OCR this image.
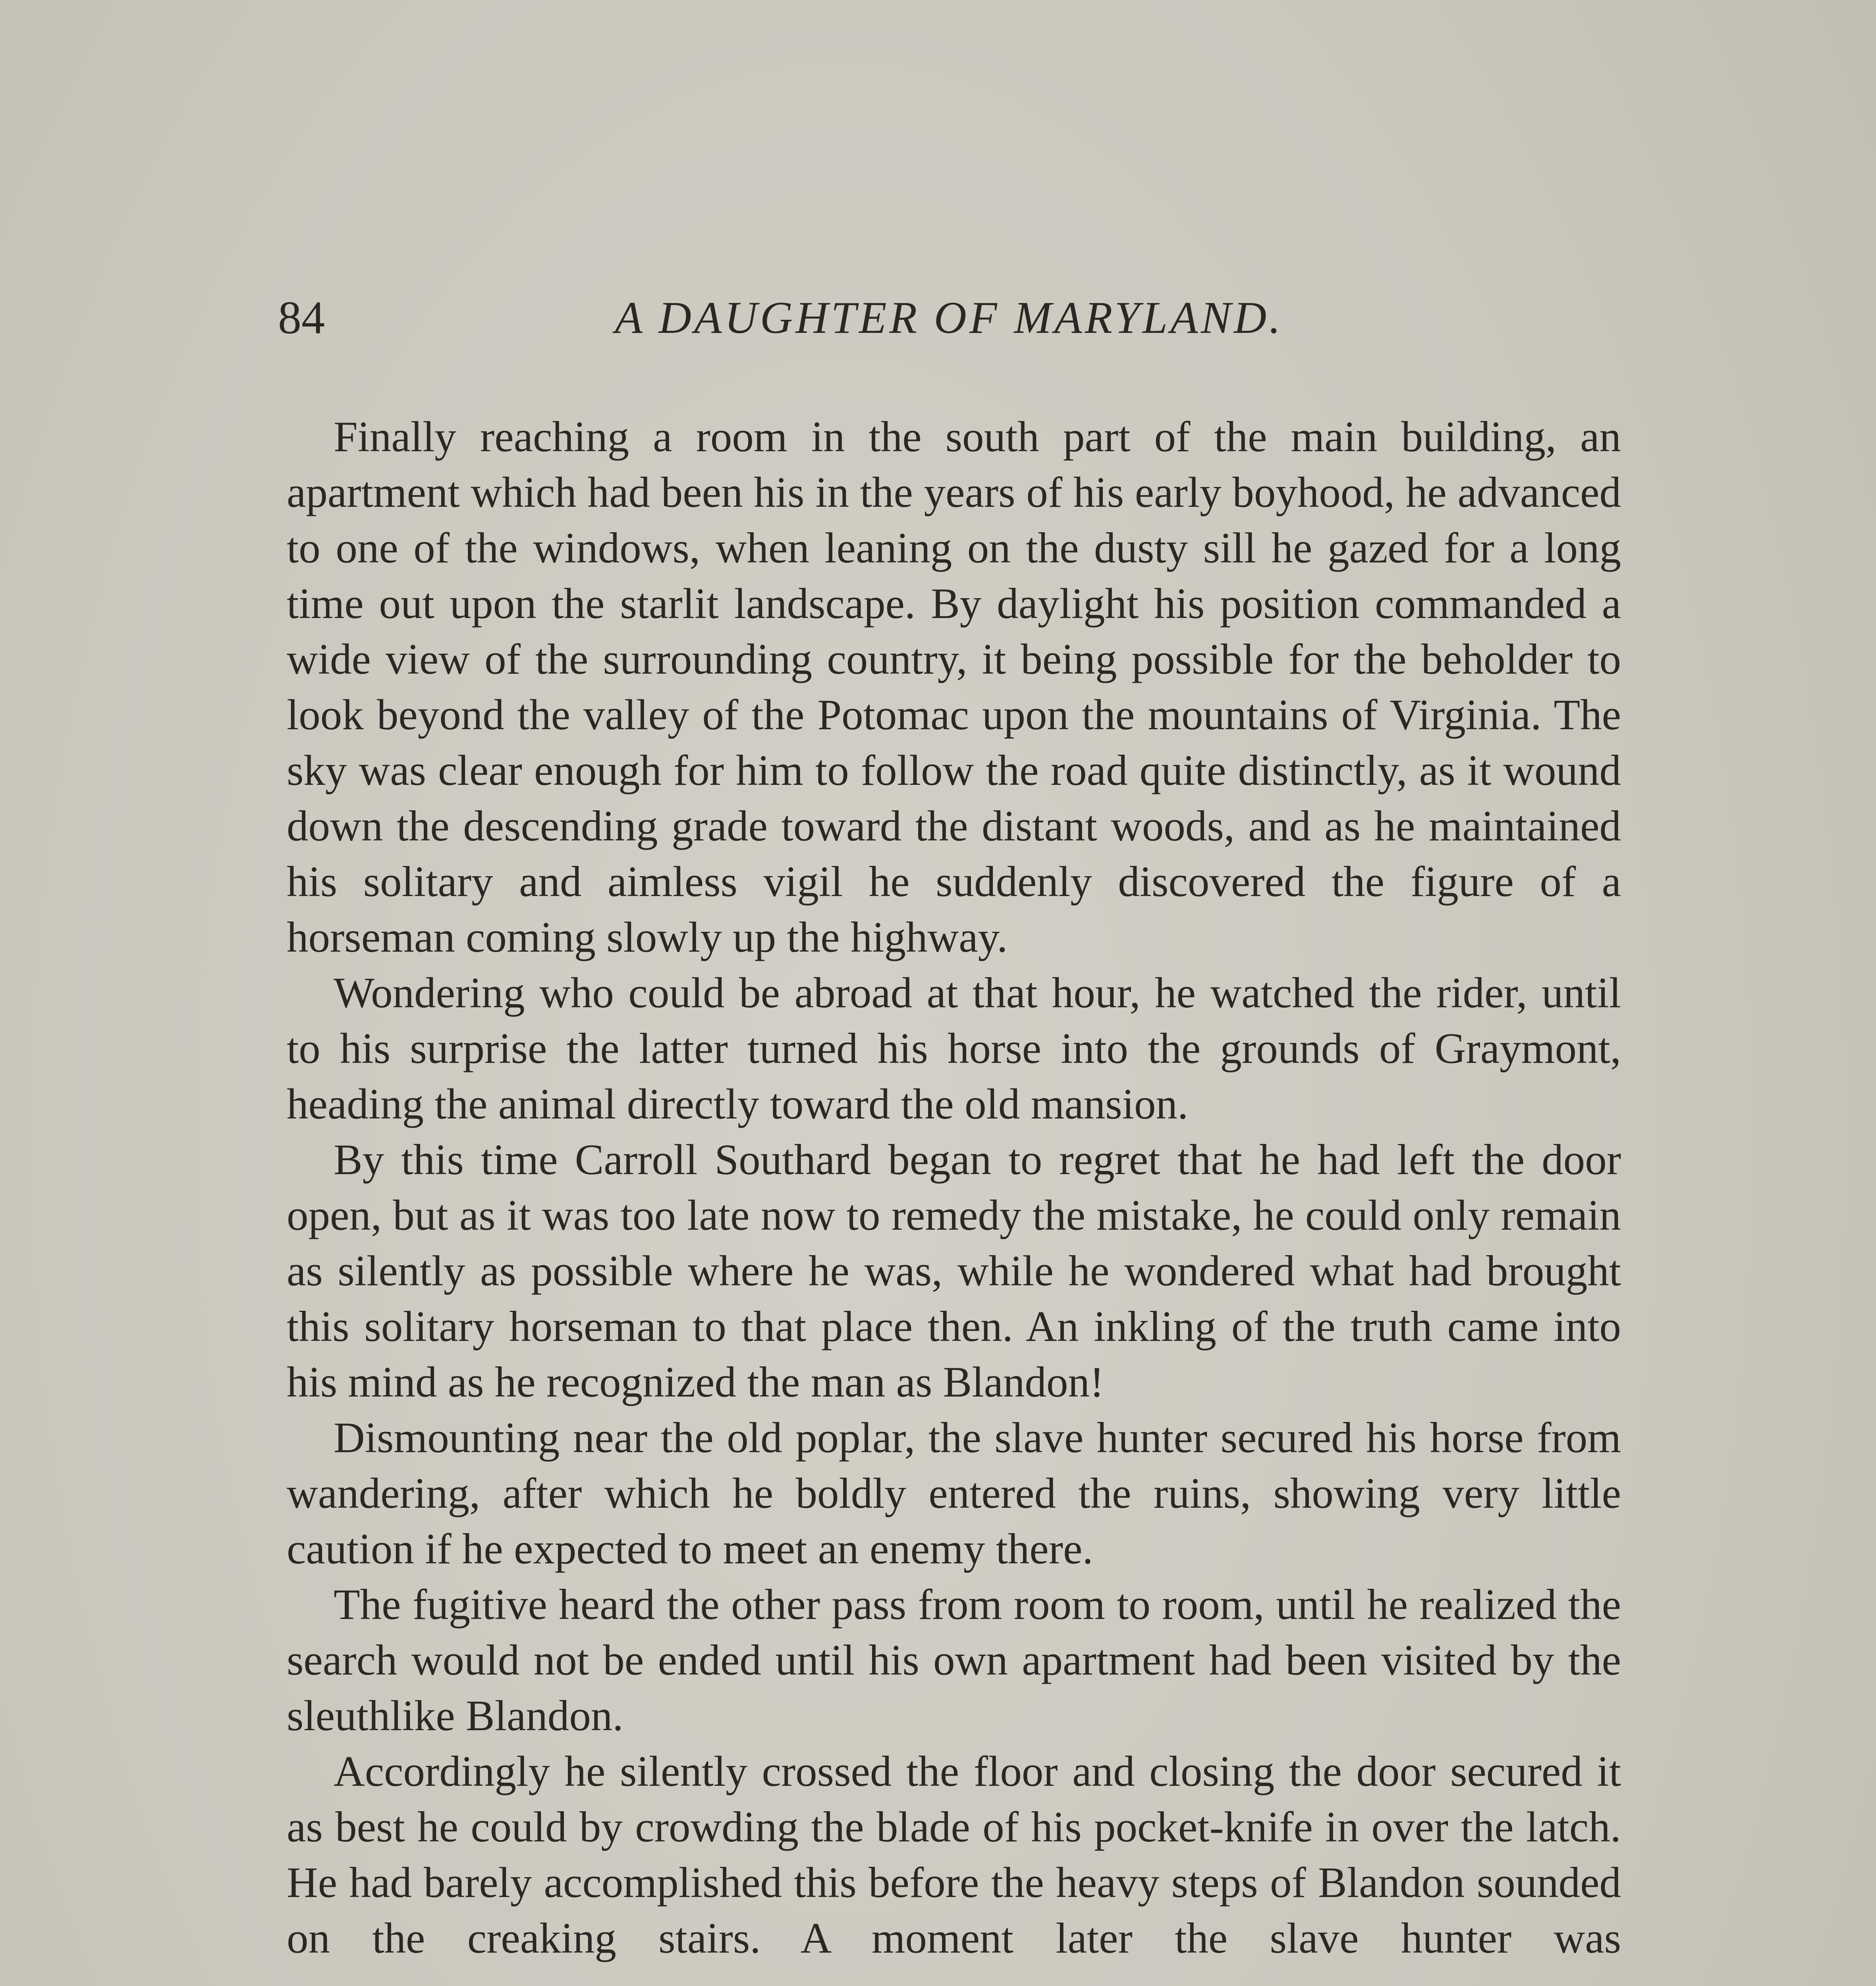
84	A DAUGHTER OF MARYLAND.

Finally reaching a room in the south part of the main building, an apartment which had been his in the years of his early boyhood, he advanced to one of the windows, when leaning on the dusty sill he gazed for a long time out upon the starlit landscape. By daylight his position commanded a wide view of the surrounding country, it being possible for the beholder to look beyond the valley of the Potomac upon the mountains of Virginia. The sky was clear enough for him to follow the road quite distinctly, as it wound down the descending grade toward the distant woods, and as he maintained his solitary and aimless vigil he suddenly discovered the figure of a horseman coming slowly up the highway.

Wondering who could be abroad at that hour, he watched the rider, until to his surprise the latter turned his horse into the grounds of Graymont, heading the animal directly toward the old mansion.

By this time Carroll Southard began to regret that he had left the door open, but as it was too late now to remedy the mistake, he could only remain as silently as possible where he was, while he wondered what had brought this solitary horseman to that place then. An inkling of the truth came into his mind as he recognized the man as Blandon!

Dismounting near the old poplar, the slave hunter secured his horse from wandering, after which he boldly entered the ruins, showing very little caution if he expected to meet an enemy there.

The fugitive heard the other pass from room to room, until he realized the search would not be ended until his own apartment had been visited by the sleuthlike Blandon.

Accordingly he silently crossed the floor and closing the door secured it as best he could by crowding the blade of his pocket-knife in over the latch. He had barely accomplished this before the heavy steps of Blandon sounded on the creaking stairs. A moment later the slave hunter was
